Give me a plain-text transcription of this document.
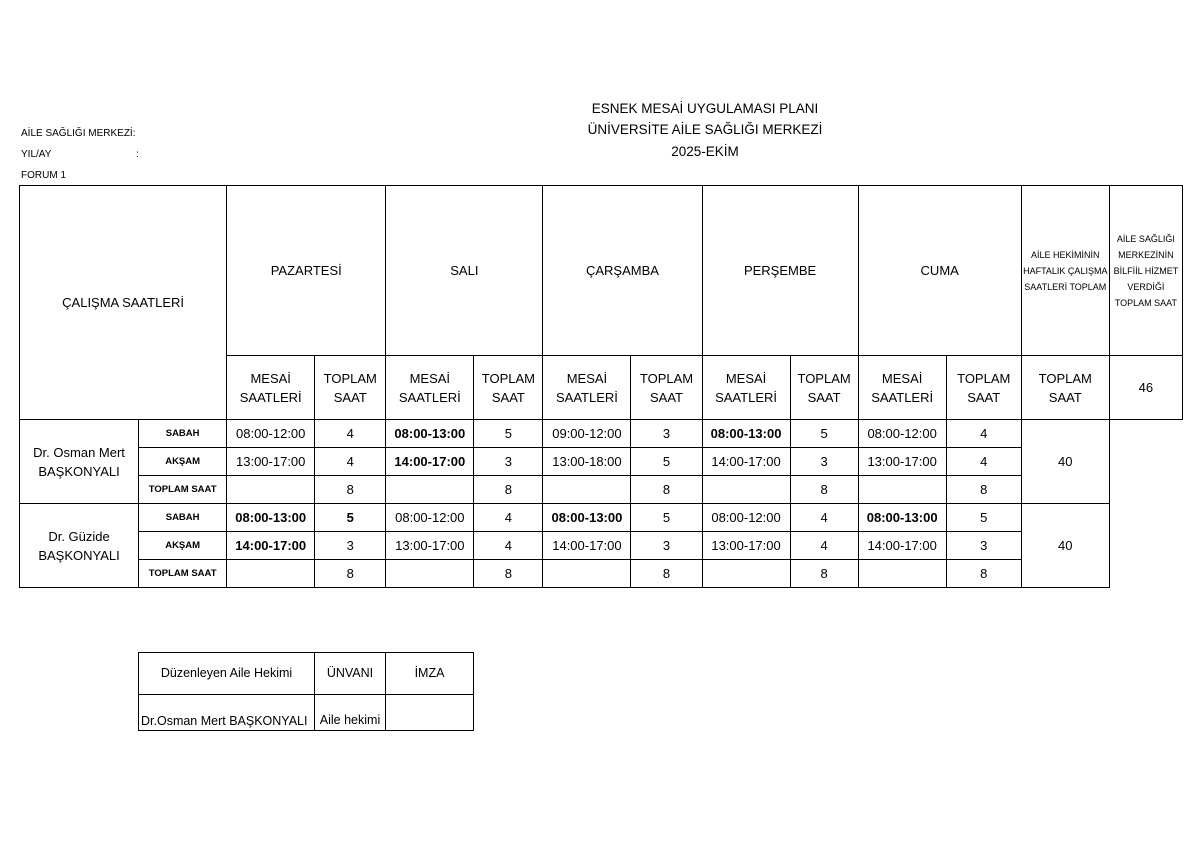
ESNEK MESAİ UYGULAMASI PLANI
ÜNİVERSİTE AİLE SAĞLIĞI MERKEZİ
2025-EKİM
AİLE SAĞLIĞI MERKEZİ:
YIL/AY	:
FORUM 1
ÇALIŞMA SAATLERİ		PAZARTESİ		SALI		ÇARŞAMBA		PERŞEMBE		CUMA		AİLE HEKİMİNİN HAFTALIK ÇALIŞMA SAATLERİ TOPLAM	AİLE SAĞLIĞI MERKEZİNİN BİLFİİL HİZMET VERDİĞİ TOPLAM SAAT
		MESAİ SAATLERİ	TOPLAM SAAT	MESAİ SAATLERİ	TOPLAM SAAT	MESAİ SAATLERİ	TOPLAM SAAT	MESAİ SAATLERİ	TOPLAM SAAT	MESAİ SAATLERİ	TOPLAM SAAT	TOPLAM SAAT	46
Dr. Osman Mert BAŞKONYALI	SABAH	08:00-12:00	4	08:00-13:00	5	09:00-12:00	3	08:00-13:00	5	08:00-12:00	4	40	
	AKŞAM	13:00-17:00	4	14:00-17:00	3	13:00-18:00	5	14:00-17:00	3	13:00-17:00	4		
	TOPLAM SAAT		8		8		8		8		8		
Dr. Güzide BAŞKONYALI	SABAH	08:00-13:00	5	08:00-12:00	4	08:00-13:00	5	08:00-12:00	4	08:00-13:00	5	40	
	AKŞAM	14:00-17:00	3	13:00-17:00	4	14:00-17:00	3	13:00-17:00	4	14:00-17:00	3		
	TOPLAM SAAT		8		8		8		8		8		
Düzenleyen Aile Hekimi	ÜNVANI	İMZA
Dr.Osman Mert BAŞKONYALI	Aile hekimi	
